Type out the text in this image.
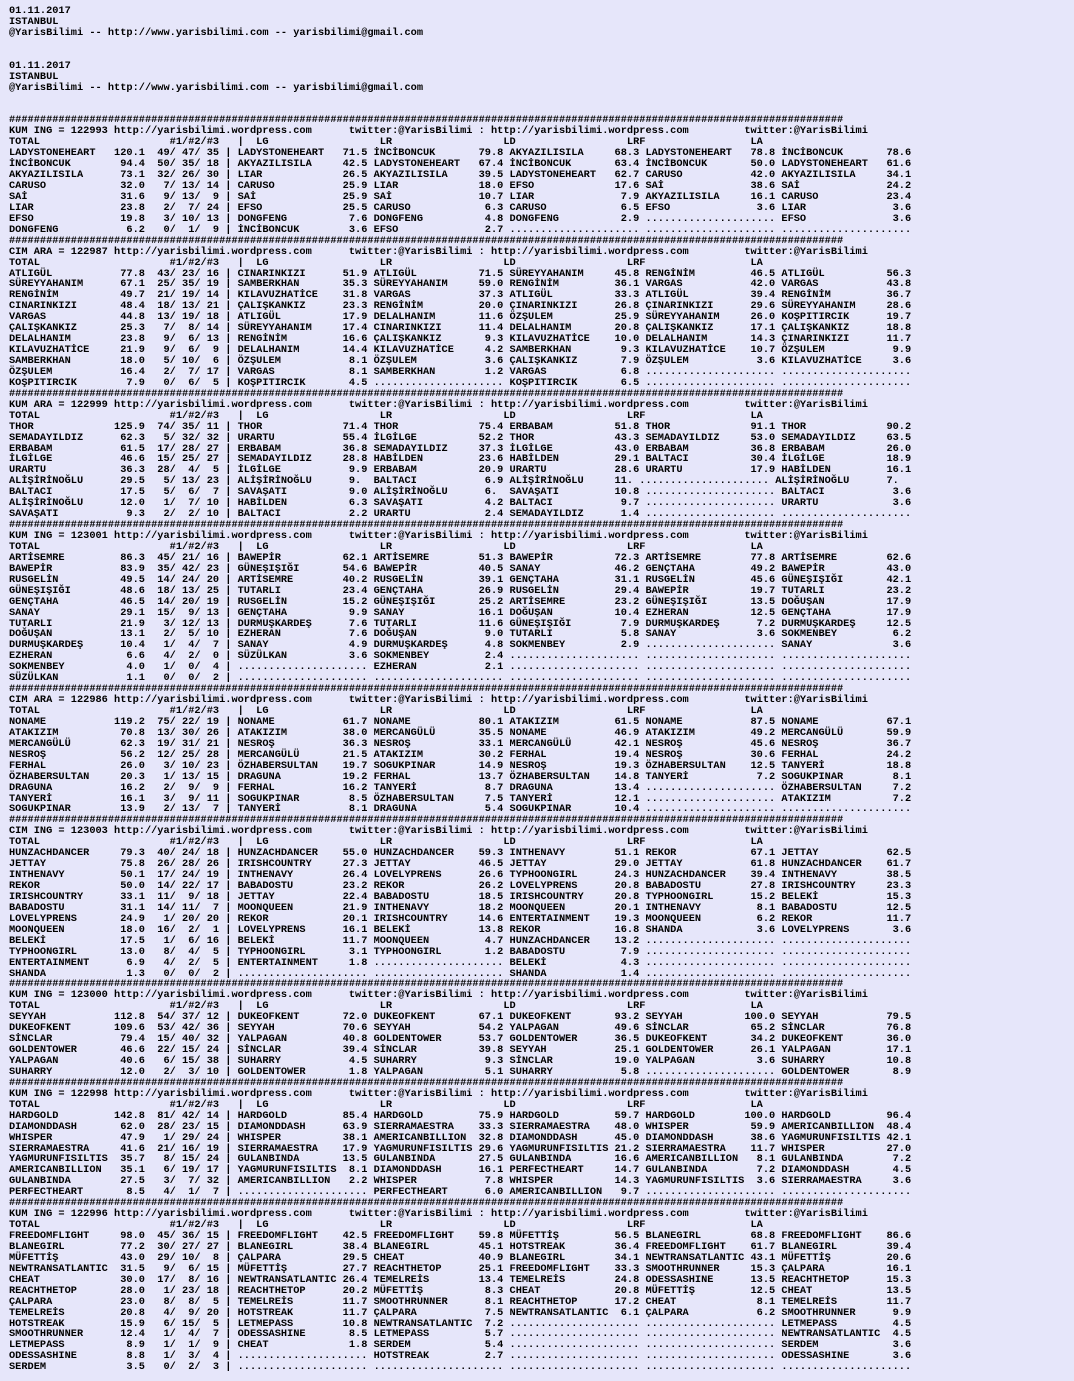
01.11.2017
ISTANBUL
@YarisBilimi -- http://www.yarisbilimi.com -- yarisbilimi@gmail.com

01.11.2017
ISTANBUL
@YarisBilimi -- http://www.yarisbilimi.com -- yarisbilimi@gmail.com

#######################################################################################################################################
KUM ING = 122993 http://yarisbilimi.wordpress.com      twitter:@YarisBilimi : http://yarisbilimi.wordpress.com         twitter:@YarisBilimi
TOTAL                     #1/#2/#3   |  LG                  LR                  LD                  LRF                 LA
LADYSTONEHEART   120.1  49/ 47/ 35 | LADYSTONEHEART   71.5 İNCİBONCUK       79.8 AKYAZILISILA     68.3 LADYSTONEHEART   78.8 İNCİBONCUK       78.6
İNCİBONCUK        94.4  50/ 35/ 18 | AKYAZILISILA     42.5 LADYSTONEHEART   67.4 İNCİBONCUK       63.4 İNCİBONCUK       50.0 LADYSTONEHEART   61.6
AKYAZILISILA      73.1  32/ 26/ 30 | LIAR             26.5 AKYAZILISILA     39.5 LADYSTONEHEART   62.7 CARUSO           42.0 AKYAZILISILA     34.1
CARUSO            32.0   7/ 13/ 14 | CARUSO           25.9 LIAR             18.0 EFSO             17.6 SAİ              38.6 SAİ              24.2
SAİ               31.6   9/ 13/  9 | SAİ              25.9 SAİ              10.7 LIAR              7.9 AKYAZILISILA     16.1 CARUSO           23.4
LIAR              23.8   2/  7/ 24 | EFSO             25.5 CARUSO            6.3 CARUSO            6.5 EFSO              3.6 LIAR              3.6
EFSO              19.8   3/ 10/ 13 | DONGFENG          7.6 DONGFENG          4.8 DONGFENG          2.9 ..................... EFSO              3.6
DONGFENG           6.2   0/  1/  9 | İNCİBONCUK        3.6 EFSO              2.7 ..................... ..................... .....................
#######################################################################################################################################
CIM ARA = 122987 http://yarisbilimi.wordpress.com      twitter:@YarisBilimi : http://yarisbilimi.wordpress.com         twitter:@YarisBilimi
TOTAL                     #1/#2/#3   |  LG                  LR                  LD                  LRF                 LA
ATLIGÜL           77.8  43/ 23/ 16 | CINARINKIZI      51.9 ATLIGÜL          71.5 SÜREYYAHANIM     45.8 RENGİNİM         46.5 ATLIGÜL          56.3
SÜREYYAHANIM      67.1  25/ 35/ 19 | SAMBERKHAN       35.3 SÜREYYAHANIM     59.0 RENGİNİM         36.1 VARGAS           42.0 VARGAS           43.8
RENGİNİM          49.7  21/ 19/ 14 | KILAVUZHATİCE    31.8 VARGAS           37.3 ATLIGÜL          33.3 ATLIGÜL          39.4 RENGİNİM         36.7
CINARINKIZI       48.4  18/ 13/ 21 | ÇALIŞKANKIZ      23.3 RENGİNİM         20.0 ÇINARINKIZI      26.8 ÇINARINKIZI      29.6 SÜREYYAHANIM     28.6
VARGAS            44.8  13/ 19/ 18 | ATLIGÜL          17.9 DELALHANIM       11.6 ÖZŞULEM          25.9 SÜREYYAHANIM     26.0 KOŞPITIRCIK      19.7
ÇALIŞKANKIZ       25.3   7/  8/ 14 | SÜREYYAHANIM     17.4 CINARINKIZI      11.4 DELALHANIM       20.8 ÇALIŞKANKIZ      17.1 ÇALIŞKANKIZ      18.8
DELALHANIM        23.8   9/  6/ 13 | RENGİNİM         16.6 ÇALIŞKANKIZ       9.3 KILAVUZHATİCE    10.0 DELALHANIM       14.3 ÇINARINKIZI      11.7
KILAVUZHATİCE     21.9   9/  6/  9 | DELALHANIM       14.4 KILAVUZHATİCE     4.2 SAMBERKHAN        9.3 KILAVUZHATİCE    10.7 ÖZŞULEM           9.9
SAMBERKHAN        18.0   5/ 10/  6 | ÖZŞULEM           8.1 ÖZŞULEM           3.6 ÇALIŞKANKIZ       7.9 ÖZŞULEM           3.6 KILAVUZHATİCE     3.6
ÖZŞULEM           16.4   2/  7/ 17 | VARGAS            8.1 SAMBERKHAN        1.2 VARGAS            6.8 ..................... .....................
KOŞPITIRCIK        7.9   0/  6/  5 | KOŞPITIRCIK       4.5 ..................... KOŞPITIRCIK       6.5 ..................... .....................
#######################################################################################################################################
KUM ARA = 122999 http://yarisbilimi.wordpress.com      twitter:@YarisBilimi : http://yarisbilimi.wordpress.com         twitter:@YarisBilimi
TOTAL                     #1/#2/#3   |  LG                  LR                  LD                  LRF                 LA
THOR             125.9  74/ 35/ 11 | THOR             71.4 THOR             75.4 ERBABAM          51.8 THOR             91.1 THOR             90.2
SEMADAYILDIZ      62.3   5/ 32/ 32 | URARTU           55.4 İLGİLGE          52.2 THOR             43.3 SEMADAYILDIZ     53.0 SEMADAYILDIZ     63.5
ERBABAM           61.5  17/ 28/ 27 | ERBABAM          36.8 SEMADAYILDIZ     37.3 İLGİLGE          43.0 ERBABAM          36.8 ERBABAM          26.0
İLGİLGE           46.6  15/ 25/ 27 | SEMADAYILDIZ     28.8 HABİLDEN         23.6 HABİLDEN         29.1 BALTACI          30.4 İLGİLGE          18.9
URARTU            36.3  28/  4/  5 | İLGİLGE           9.9 ERBABAM          20.9 URARTU           28.6 URARTU           17.9 HABİLDEN         16.1
ALİŞİRİNOĞLU      29.5   5/ 13/ 23 | ALİŞİRİNOĞLU      9.  BALTACI           6.9 ALİŞİRİNOĞLU     11. ..................... ALİŞİRİNOĞLU      7.
BALTACI           17.5   5/  6/  7 | SAVAŞATI          9.0 ALİŞİRİNOĞLU      6.  SAVAŞATI         10.8 ..................... BALTACI           3.6
ALİŞİRİNOĞLU      12.0   1/  7/ 10 | HABİLDEN          6.3 SAVAŞATI          4.2 BALTACI           9.7 ..................... URARTU            3.6
SAVAŞATI           9.3   2/  2/ 10 | BALTACI           2.2 URARTU            2.4 SEMADAYILDIZ      1.4 ..................... .....................
#######################################################################################################################################
KUM ING = 123001 http://yarisbilimi.wordpress.com      twitter:@YarisBilimi : http://yarisbilimi.wordpress.com         twitter:@YarisBilimi
TOTAL                     #1/#2/#3   |  LG                  LR                  LD                  LRF                 LA
ARTİSEMRE         86.3  45/ 21/ 16 | BAWEPİR          62.1 ARTİSEMRE        51.3 BAWEPİR          72.3 ARTİSEMRE        77.8 ARTİSEMRE        62.6
BAWEPİR           83.9  35/ 42/ 23 | GÜNEŞIŞIĞI       54.6 BAWEPİR          40.5 SANAY            46.2 GENÇTAHA         49.2 BAWEPİR          43.0
RUSGELİN          49.5  14/ 24/ 20 | ARTİSEMRE        40.2 RUSGELİN         39.1 GENÇTAHA         31.1 RUSGELİN         45.6 GÜNEŞIŞIĞI       42.1
GÜNEŞIŞIĞI        48.6  18/ 13/ 25 | TUTARLI          23.4 GENÇTAHA         26.9 RUSGELİN         29.4 BAWEPİR          19.7 TUTARLI          23.2
GENÇTAHA          46.5  14/ 20/ 19 | RUSGELİN         15.2 GÜNEŞIŞIĞI       25.2 ARTİSEMRE        23.2 GÜNEŞIŞIĞI       13.5 DOĞUŞAN          17.9
SANAY             29.1  15/  9/ 13 | GENÇTAHA          9.9 SANAY            16.1 DOĞUŞAN          10.4 EZHERAN          12.5 GENÇTAHA         17.9
TUTARLI           21.9   3/ 12/ 13 | DURMUŞKARDEŞ      7.6 TUTARLI          11.6 GÜNEŞIŞIĞI        7.9 DURMUŞKARDEŞ      7.2 DURMUŞKARDEŞ     12.5
DOĞUŞAN           13.1   2/  5/ 10 | EZHERAN           7.6 DOĞUŞAN           9.0 TUTARLI           5.8 SANAY             3.6 SOKMENBEY         6.2
DURMUŞKARDEŞ      10.4   1/  4/  7 | SANAY             4.9 DURMUŞKARDEŞ      4.8 SOKMENBEY         2.9 ..................... SANAY             3.6
EZHERAN            6.6   4/  2/  0 | SÜZÜLKAN          3.6 SOKMENBEY         2.4 ..................... ..................... .....................
SOKMENBEY          4.0   1/  0/  4 | ..................... EZHERAN           2.1 ..................... ..................... .....................
SÜZÜLKAN           1.1   0/  0/  2 | ..................... ..................... ..................... ..................... .....................
#######################################################################################################################################
CIM ARA = 122986 http://yarisbilimi.wordpress.com      twitter:@YarisBilimi : http://yarisbilimi.wordpress.com         twitter:@YarisBilimi
TOTAL                     #1/#2/#3   |  LG                  LR                  LD                  LRF                 LA
NONAME           119.2  75/ 22/ 19 | NONAME           61.7 NONAME           80.1 ATAKIZIM         61.5 NONAME           87.5 NONAME           67.1
ATAKIZIM          70.8  13/ 30/ 26 | ATAKIZIM         38.0 MERCANGÜLÜ       35.5 NONAME           46.9 ATAKIZIM         49.2 MERCANGÜLÜ       59.9
MERCANGÜLÜ        62.3  19/ 31/ 21 | NESROŞ           36.3 NESROŞ           33.1 MERCANGÜLÜ       42.1 NESROŞ           45.6 NESROŞ           36.7
NESROŞ            56.2  12/ 25/ 28 | MERCANGÜLÜ       21.5 ATAKIZIM         30.2 FERHAL           19.4 NESROŞ           30.6 FERHAL           24.2
FERHAL            26.0   3/ 10/ 23 | ÖZHABERSULTAN    19.7 SOGUKPINAR       14.9 NESROŞ           19.3 ÖZHABERSULTAN    12.5 TANYERİ          18.8
ÖZHABERSULTAN     20.3   1/ 13/ 15 | DRAGUNA          19.2 FERHAL           13.7 ÖZHABERSULTAN    14.8 TANYERİ           7.2 SOGUKPINAR        8.1
DRAGUNA           16.2   2/  9/  9 | FERHAL           16.2 TANYERİ           8.7 DRAGUNA          13.4 ..................... ÖZHABERSULTAN     7.2
TANYERİ           16.1   3/  9/ 11 | SOGUKPINAR        8.5 ÖZHABERSULTAN     7.5 TANYERİ          12.1 ..................... ATAKIZIM          7.2
SOGUKPINAR        13.9   2/ 13/  7 | TANYERİ           8.1 DRAGUNA           5.4 SOGUKPINAR       10.4 ..................... .....................
#######################################################################################################################################
CIM ING = 123003 http://yarisbilimi.wordpress.com      twitter:@YarisBilimi : http://yarisbilimi.wordpress.com         twitter:@YarisBilimi
TOTAL                     #1/#2/#3   |  LG                  LR                  LD                  LRF                 LA
HUNZACHDANCER     79.3  40/ 24/ 18 | HUNZACHDANCER    55.0 HUNZACHDANCER    59.3 INTHENAVY        51.1 REKOR            67.1 JETTAY           62.5
JETTAY            75.8  26/ 28/ 26 | IRISHCOUNTRY     27.3 JETTAY           46.5 JETTAY           29.0 JETTAY           61.8 HUNZACHDANCER    61.7
INTHENAVY         50.1  17/ 24/ 19 | INTHENAVY        26.4 LOVELYPRENS      26.6 TYPHOONGIRL      24.3 HUNZACHDANCER    39.4 INTHENAVY        38.5
REKOR             50.0  14/ 22/ 17 | BABADOSTU        23.2 REKOR            26.2 LOVELYPRENS      20.8 BABADOSTU        27.8 IRISHCOUNTRY     23.3
IRISHCOUNTRY      33.1  11/  9/ 18 | JETTAY           22.4 BABADOSTU        18.5 IRISHCOUNTRY     20.8 TYPHOONGIRL      15.2 BELEKİ           15.3
BABADOSTU         31.1  14/ 11/  7 | MOONQUEEN        21.9 INTHENAVY        18.2 MOONQUEEN        20.1 INTHENAVY         8.1 BABADOSTU        12.5
LOVELYPRENS       24.9   1/ 20/ 20 | REKOR            20.1 IRISHCOUNTRY     14.6 ENTERTAINMENT    19.3 MOONQUEEN         6.2 REKOR            11.7
MOONQUEEN         18.0  16/  2/  1 | LOVELYPRENS      16.1 BELEKİ           13.8 REKOR            16.8 SHANDA            3.6 LOVELYPRENS       3.6
BELEKİ            17.5   1/  6/ 16 | BELEKİ           11.7 MOONQUEEN         4.7 HUNZACHDANCER    13.2 ..................... .....................
TYPHOONGIRL       13.0   8/  4/  5 | TYPHOONGIRL       3.1 TYPHOONGIRL       1.2 BABADOSTU         7.9 ..................... .....................
ENTERTAINMENT      6.9   4/  2/  5 | ENTERTAINMENT     1.8 ..................... BELEKİ            4.3 ..................... .....................
SHANDA             1.3   0/  0/  2 | ..................... ..................... SHANDA            1.4 ..................... .....................
#######################################################################################################################################
KUM ING = 123000 http://yarisbilimi.wordpress.com      twitter:@YarisBilimi : http://yarisbilimi.wordpress.com         twitter:@YarisBilimi
TOTAL                     #1/#2/#3   |  LG                  LR                  LD                  LRF                 LA
SEYYAH           112.8  54/ 37/ 12 | DUKEOFKENT       72.0 DUKEOFKENT       67.1 DUKEOFKENT       93.2 SEYYAH          100.0 SEYYAH           79.5
DUKEOFKENT       109.6  53/ 42/ 36 | SEYYAH           70.6 SEYYAH           54.2 YALPAGAN         49.6 SİNCLAR          65.2 SİNCLAR          76.8
SİNCLAR           79.4  15/ 40/ 32 | YALPAGAN         40.8 GOLDENTOWER      53.7 GOLDENTOWER      36.5 DUKEOFKENT       34.2 DUKEOFKENT       36.0
GOLDENTOWER       46.6  22/ 15/ 24 | SİNCLAR          39.4 SİNCLAR          39.8 SEYYAH           25.1 GOLDENTOWER      26.1 YALPAGAN         17.1
YALPAGAN          40.6   6/ 15/ 38 | SUHARRY           4.5 SUHARRY           9.3 SİNCLAR          19.0 YALPAGAN          3.6 SUHARRY          10.8
SUHARRY           12.0   2/  3/ 10 | GOLDENTOWER       1.8 YALPAGAN          5.1 SUHARRY           5.8 ..................... GOLDENTOWER       8.9
#######################################################################################################################################
KUM ING = 122998 http://yarisbilimi.wordpress.com      twitter:@YarisBilimi : http://yarisbilimi.wordpress.com         twitter:@YarisBilimi
TOTAL                     #1/#2/#3   |  LG                  LR                  LD                  LRF                 LA
HARDGOLD         142.8  81/ 42/ 14 | HARDGOLD         85.4 HARDGOLD         75.9 HARDGOLD         59.7 HARDGOLD        100.0 HARDGOLD         96.4
DIAMONDDASH       62.0  28/ 23/ 15 | DIAMONDDASH      63.9 SIERRAMAESTRA    33.3 SIERRAMAESTRA    48.0 WHISPER          59.9 AMERICANBILLION  48.4
WHISPER           47.9   1/ 29/ 24 | WHISPER          38.1 AMERICANBILLION  32.8 DIAMONDDASH      45.0 DIAMONDDASH      38.6 YAGMURUNFISILTIS 42.1
SIERRAMAESTRA     41.6  21/ 16/ 19 | SIERRAMAESTRA    17.9 YAGMURUNFISILTIS 29.6 YAGMURUNFISILTIS 21.2 SIERRAMAESTRA    11.7 WHISPER          27.0
YAGMURUNFISILTIS  35.7   8/ 15/ 24 | GULANBINDA       13.5 GULANBINDA       27.5 GULANBINDA       16.6 AMERICANBILLION   8.1 GULANBINDA        7.2
AMERICANBILLION   35.1   6/ 19/ 17 | YAGMURUNFISILTIS  8.1 DIAMONDDASH      16.1 PERFECTHEART     14.7 GULANBINDA        7.2 DIAMONDDASH       4.5
GULANBINDA        27.5   3/  7/ 32 | AMERICANBILLION   2.2 WHISPER           7.8 WHISPER          14.3 YAGMURUNFISILTIS  3.6 SIERRAMAESTRA     3.6
PERFECTHEART       8.5   4/  1/  7 | ..................... PERFECTHEART      6.0 AMERICANBILLION   9.7 ..................... .....................
#######################################################################################################################################
KUM ING = 122996 http://yarisbilimi.wordpress.com      twitter:@YarisBilimi : http://yarisbilimi.wordpress.com         twitter:@YarisBilimi
TOTAL                     #1/#2/#3   |  LG                  LR                  LD                  LRF                 LA
FREEDOMFLIGHT     98.0  45/ 36/ 15 | FREEDOMFLIGHT    42.5 FREEDOMFLIGHT    59.8 MÜFETTİŞ         56.5 BLANEGIRL        68.8 FREEDOMFLIGHT    86.6
BLANEGIRL         77.2  30/ 27/ 27 | BLANEGIRL        38.4 BLANEGIRL        45.1 HOTSTREAK        36.4 FREEDOMFLIGHT    61.7 BLANEGIRL        39.4
MÜFETTİŞ          43.0  29/ 10/  8 | ÇALPARA          29.5 CHEAT            40.9 BLANEGIRL        34.1 NEWTRANSATLANTIC 43.1 MÜFETTİŞ         20.6
NEWTRANSATLANTIC  31.5   9/  6/ 15 | MÜFETTİŞ         27.7 REACHTHETOP      25.1 FREEDOMFLIGHT    33.3 SMOOTHRUNNER     15.3 ÇALPARA          16.1
CHEAT             30.0  17/  8/ 16 | NEWTRANSATLANTIC 26.4 TEMELREİS        13.4 TEMELREİS        24.8 ODESSASHINE      13.5 REACHTHETOP      15.3
REACHTHETOP       28.0   1/ 23/ 18 | REACHTHETOP      20.2 MÜFETTİŞ          8.3 CHEAT            20.8 MÜFETTİŞ         12.5 CHEAT            13.5
ÇALPARA           23.0   8/  8/  5 | TEMELREİS        11.7 SMOOTHRUNNER      8.1 REACHTHETOP      17.2 CHEAT             8.1 TEMELREİS        11.7
TEMELREİS         20.8   4/  9/ 20 | HOTSTREAK        11.7 ÇALPARA           7.5 NEWTRANSATLANTIC  6.1 ÇALPARA           6.2 SMOOTHRUNNER      9.9
HOTSTREAK         15.9   6/ 15/  5 | LETMEPASS        10.8 NEWTRANSATLANTIC  7.2 ..................... ..................... LETMEPASS         4.5
SMOOTHRUNNER      12.4   1/  4/  7 | ODESSASHINE       8.5 LETMEPASS         5.7 ..................... ..................... NEWTRANSATLANTIC  4.5
LETMEPASS          8.9   1/  1/  9 | CHEAT             1.8 SERDEM            5.4 ..................... ..................... SERDEM            3.6
ODESSASHINE        8.8   1/  3/  4 | ..................... HOTSTREAK         2.7 ..................... ..................... ODESSASHINE       3.6
SERDEM             3.5   0/  2/  3 | ..................... ..................... ..................... ..................... .....................
